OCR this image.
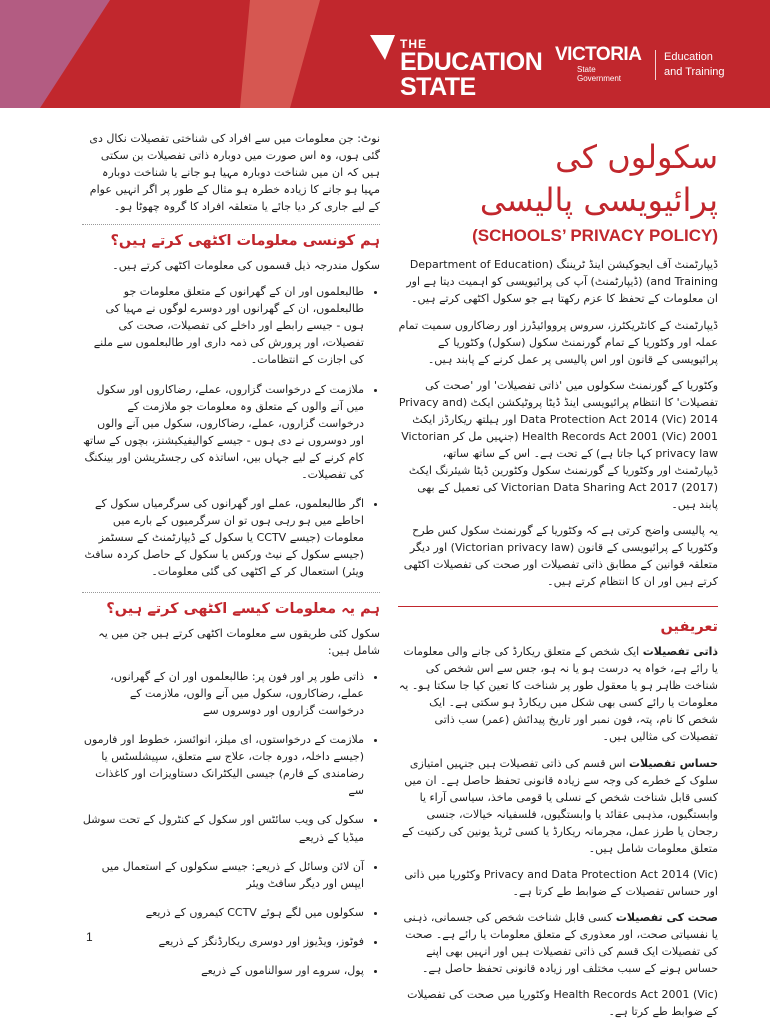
THE
EDUCATION
STATE
VICTORIA
State
Government
Education
and Training
سکولوں کی
پرائیویسی پالیسی
(SCHOOLS’ PRIVACY POLICY)

ڈیپارٹمنٹ آف ایجوکیشن اینڈ ٹریننگ (Department of Education and Training) (ڈیپارٹمنٹ) آپ کی پرائیویسی کو اہمیت دیتا ہے اور ان معلومات کے تحفظ کا عزم رکھتا ہے جو سکول اکٹھی کرتے ہیں۔

ڈیپارٹمنٹ کے کانٹریکٹرز، سروس پرووائیڈرز اور رضاکاروں سمیت تمام عملہ اور وکٹوریا کے تمام گورنمنٹ سکول (سکول) وکٹوریا کے پرائیویسی کے قانون اور اس پالیسی پر عمل کرنے کے پابند ہیں۔

وکٹوریا کے گورنمنٹ سکولوں میں 'ذاتی تفصیلات' اور 'صحت کی تفصیلات' کا انتظام پرائیویسی اینڈ ڈیٹا پروٹیکشن ایکٹ (Privacy and Data Protection Act 2014 (Vic) 2014 اور ہیلتھ ریکارڈز ایکٹ Health Records Act 2001 (Vic) 2001 (جنہیں مل کر Victorian privacy law کہا جاتا ہے) کے تحت ہے۔ اس کے ساتھ ساتھ، ڈیپارٹمنٹ اور وکٹوریا کے گورنمنٹ سکول وکٹورین ڈیٹا شیئرنگ ایکٹ Victorian Data Sharing Act 2017 (2017) کی تعمیل کے بھی پابند ہیں۔

یہ پالیسی واضح کرتی ہے کہ وکٹوریا کے گورنمنٹ سکول کس طرح وکٹوریا کے پرائیویسی کے قانون (Victorian privacy law) اور دیگر متعلقہ قوانین کے مطابق ذاتی تفصیلات اور صحت کی تفصیلات اکٹھی کرتے ہیں اور ان کا انتظام کرتے ہیں۔

تعریفیں

ذاتی تفصیلات ایک شخص کے متعلق ریکارڈ کی جانے والی معلومات یا رائے ہے، خواہ یہ درست ہو یا نہ ہو، جس سے اس شخص کی شناخت ظاہر ہو یا معقول طور پر شناخت کا تعین کیا جا سکتا ہو۔ یہ معلومات یا رائے کسی بھی شکل میں ریکارڈ ہو سکتی ہے۔ ایک شخص کا نام، پتہ، فون نمبر اور تاریخ پیدائش (عمر) سب ذاتی تفصیلات کی مثالیں ہیں۔

حساس تفصیلات اس قسم کی ذاتی تفصیلات ہیں جنہیں امتیازی سلوک کے خطرے کی وجہ سے زیادہ قانونی تحفظ حاصل ہے۔ ان میں کسی قابل شناخت شخص کے نسلی یا قومی ماخذ، سیاسی آراء یا وابستگیوں، مذہبی عقائد یا وابستگیوں، فلسفیانہ خیالات، جنسی رجحان یا طرز عمل، مجرمانہ ریکارڈ یا کسی ٹریڈ یونین کی رکنیت کے متعلق معلومات شامل ہیں۔

Privacy and Data Protection Act 2014 (Vic) وکٹوریا میں ذاتی اور حساس تفصیلات کے ضوابط طے کرتا ہے۔

صحت کی تفصیلات کسی قابل شناخت شخص کی جسمانی، ذہنی یا نفسیاتی صحت، اور معذوری کے متعلق معلومات یا رائے ہے۔ صحت کی تفصیلات ایک قسم کی ذاتی تفصیلات ہیں اور انہیں بھی اپنے حساس ہونے کے سبب مختلف اور زیادہ قانونی تحفظ حاصل ہے۔

Health Records Act 2001 (Vic) وکٹوریا میں صحت کی تفصیلات کے ضوابط طے کرتا ہے۔

نوٹ: جن معلومات میں سے افراد کی شناختی تفصیلات نکال دی گئی ہوں، وہ اس صورت میں دوبارہ ذاتی تفصیلات بن سکتی ہیں کہ ان میں شناخت دوبارہ مہیا ہو جانے یا شناخت دوبارہ مہیا ہو جانے کا زیادہ خطرہ ہو مثال کے طور پر اگر انہیں عوام کے لیے جاری کر دیا جائے یا متعلقہ افراد کا گروہ چھوٹا ہو۔

ہم کونسی معلومات اکٹھی کرتے ہیں؟

سکول مندرجہ ذیل قسموں کی معلومات اکٹھی کرتے ہیں۔

• طالبعلموں اور ان کے گھرانوں کے متعلق معلومات جو طالبعلموں، ان کے گھرانوں اور دوسرے لوگوں نے مہیا کی ہوں - جیسے رابطے اور داخلے کی تفصیلات، صحت کی تفصیلات، اور پرورش کی ذمہ داری اور طالبعلموں سے ملنے کی اجازت کے انتظامات۔
• ملازمت کے درخواست گزاروں، عملے، رضاکاروں اور سکول میں آنے والوں کے متعلق وہ معلومات جو ملازمت کے درخواست گزاروں، عملے، رضاکاروں، سکول میں آنے والوں اور دوسروں نے دی ہوں - جیسے کوالیفیکیشنز، بچوں کے ساتھ کام کرنے کے لیے جہاں بیں، اساتذہ کی رجسٹریشن اور بینکنگ کی تفصیلات۔
• اگر طالبعلموں، عملے اور گھرانوں کی سرگرمیاں سکول کے احاطے میں ہو رہی ہوں تو ان سرگرمیوں کے بارے میں معلومات (جیسے CCTV یا سکول کے ڈیپارٹمنٹ کے سسٹمز (جیسے سکول کے نیٹ ورکس یا سکول کے حاصل کردہ سافٹ ویئر) استعمال کر کے اکٹھی کی گئی معلومات۔
ہم یہ معلومات کیسے اکٹھی کرتے ہیں؟

سکول کئی طریقوں سے معلومات اکٹھی کرتے ہیں جن میں یہ شامل ہیں:

• ذاتی طور پر اور فون پر: طالبعلموں اور ان کے گھرانوں، عملے، رضاکاروں، سکول میں آنے والوں، ملازمت کے درخواست گزاروں اور دوسروں سے
• ملازمت کے درخواستوں، ای میلز، انوائسز، خطوط اور فارموں (جیسے داخلہ، دورہ جات، علاج سے متعلق، سپیشلسٹس یا رضامندی کے فارم) جیسی الیکٹرانک دستاویزات اور کاغذات سے
• سکول کی ویب سائٹس اور سکول کے کنٹرول کے تحت سوشل میڈیا کے ذریعے
• آن لائن وسائل کے ذریعے: جیسے سکولوں کے استعمال میں ایپس اور دیگر سافٹ ویئر
• سکولوں میں لگے ہوئے CCTV کیمروں کے ذریعے
• فوٹوز، ویڈیوز اور دوسری ریکارڈنگز کے ذریعے
• پول، سروے اور سوالناموں کے ذریعے
1
